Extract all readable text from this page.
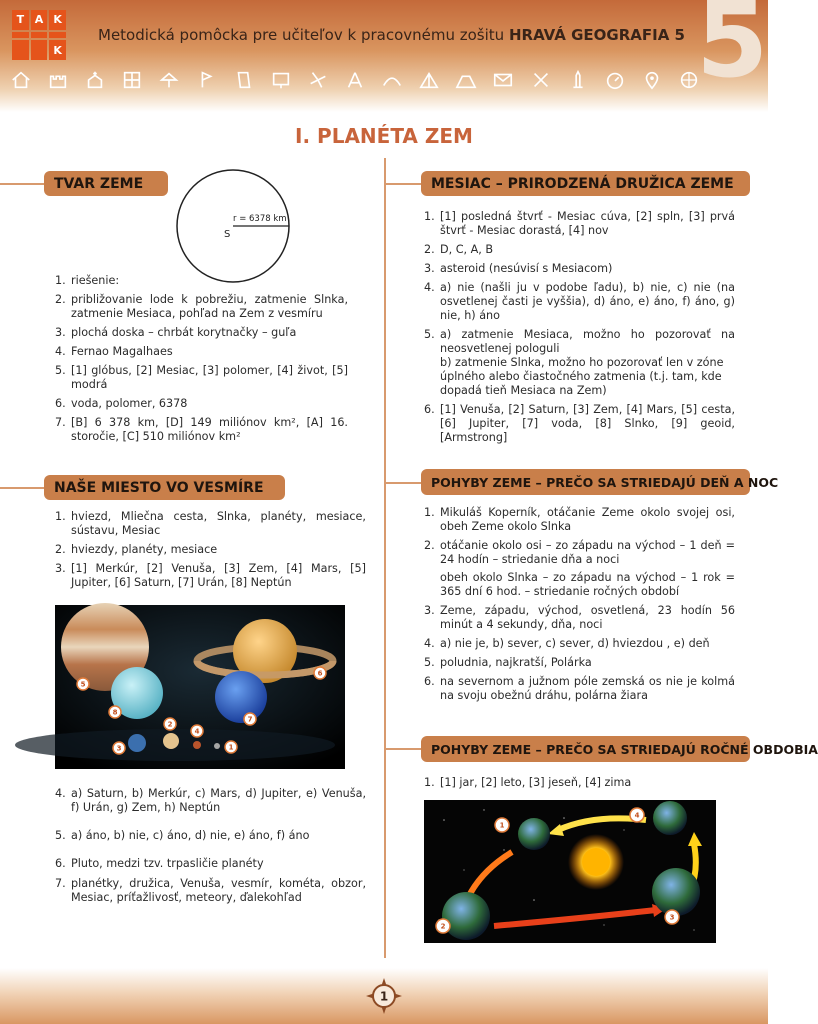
T A K
K
Metodická pomôcka pre učiteľov k pracovnému zošitu HRAVÁ GEOGRAFIA 5 5
I. PLANÉTA ZEM
TVAR ZEME
r = 6378 km
S
1. riešenie:
2. približovanie lode k pobrežiu, zatmenie Slnka, zatmenie Mesiaca, pohľad na Zem z vesmíru
3. plochá doska – chrbát korytnačky – guľa
4. Fernao Magalhaes
5. [1] glóbus, [2] Mesiac, [3] polomer, [4] život, [5] modrá
6. voda, polomer, 6378
7. [B] 6 378 km, [D] 149 miliónov km², [A] 16. storočie, [C] 510 miliónov km²
NAŠE MIESTO VO VESMÍRE
1. hviezd, Mliečna cesta, Slnka, planéty, mesiace, sústavu, Mesiac
2. hviezdy, planéty, mesiace
3. [1] Merkúr, [2] Venuša, [3] Zem, [4] Mars, [5] Jupiter, [6] Saturn, [7] Urán, [8] Neptún
1
2
3
4
5
6
7
8
4. a) Saturn, b) Merkúr, c) Mars, d) Jupiter, e) Venuša, f) Urán, g) Zem, h) Neptún
5. a) áno, b) nie, c) áno, d) nie, e) áno, f) áno
6. Pluto, medzi tzv. trpasličie planéty
7. planétky, družica, Venuša, vesmír, kométa, obzor, Mesiac, príťažlivosť, meteory, ďalekohľad
MESIAC – PRIRODZENÁ DRUŽICA ZEME
1. [1] posledná štvrť - Mesiac cúva, [2] spln, [3] prvá štvrť - Mesiac dorastá, [4] nov
2. D, C, A, B
3. asteroid (nesúvisí s Mesiacom)
4. a) nie (našli ju v podobe ľadu), b) nie, c) nie (na osvetlenej časti je vyššia), d) áno, e) áno, f) áno, g) nie, h) áno
5. a) zatmenie Mesiaca, možno ho pozorovať na neosvetlenej pologuli
b) zatmenie Slnka, možno ho pozorovať len v zóne úplného alebo čiastočného zatmenia (t.j. tam, kde dopadá tieň Mesiaca na Zem)
6. [1] Venuša, [2] Saturn, [3] Zem, [4] Mars, [5] cesta, [6] Jupiter, [7] voda, [8] Slnko, [9] geoid, [Armstrong]
POHYBY ZEME – PREČO SA STRIEDAJÚ DEŇ A NOC
1. Mikuláš Koperník, otáčanie Zeme okolo svojej osi, obeh Zeme okolo Slnka
2. otáčanie okolo osi – zo západu na východ – 1 deň = 24 hodín – striedanie dňa a noci
obeh okolo Slnka – zo západu na východ – 1 rok = 365 dní 6 hod. – striedanie ročných období
3. Zeme, západu, východ, osvetlená, 23 hodín 56 minút a 4 sekundy, dňa, noci
4. a) nie je, b) sever, c) sever, d) hviezdou , e) deň
5. poludnia, najkratší, Polárka
6. na severnom a južnom póle zemská os nie je kolmá na svoju obežnú dráhu, polárna žiara
POHYBY ZEME – PREČO SA STRIEDAJÚ ROČNÉ OBDOBIA
1. [1] jar, [2] leto, [3] jeseň, [4] zima
1
2
3
4
1
